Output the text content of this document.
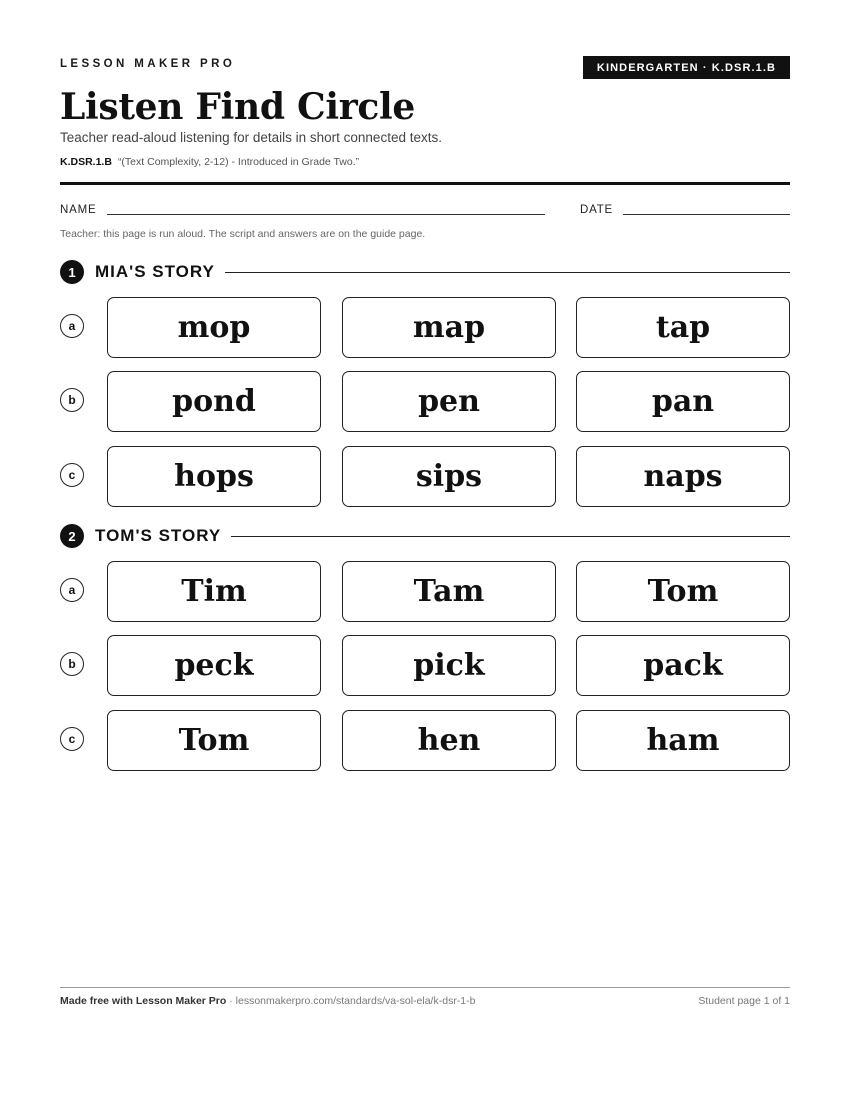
LESSON MAKER PRO	KINDERGARTEN · K.DSR.1.B
Listen Find Circle
Teacher read-aloud listening for details in short connected texts.
K.DSR.1.B “(Text Complexity, 2-12) - Introduced in Grade Two.”
NAME	DATE
Teacher: this page is run aloud. The script and answers are on the guide page.
1	MIA'S STORY
a	mop	map	tap
b	pond	pen	pan
c	hops	sips	naps
2	TOM'S STORY
a	Tim	Tam	Tom
b	peck	pick	pack
c	Tom	hen	ham
Made free with Lesson Maker Pro · lessonmakerpro.com/standards/va-sol-ela/k-dsr-1-b	Student page 1 of 1
